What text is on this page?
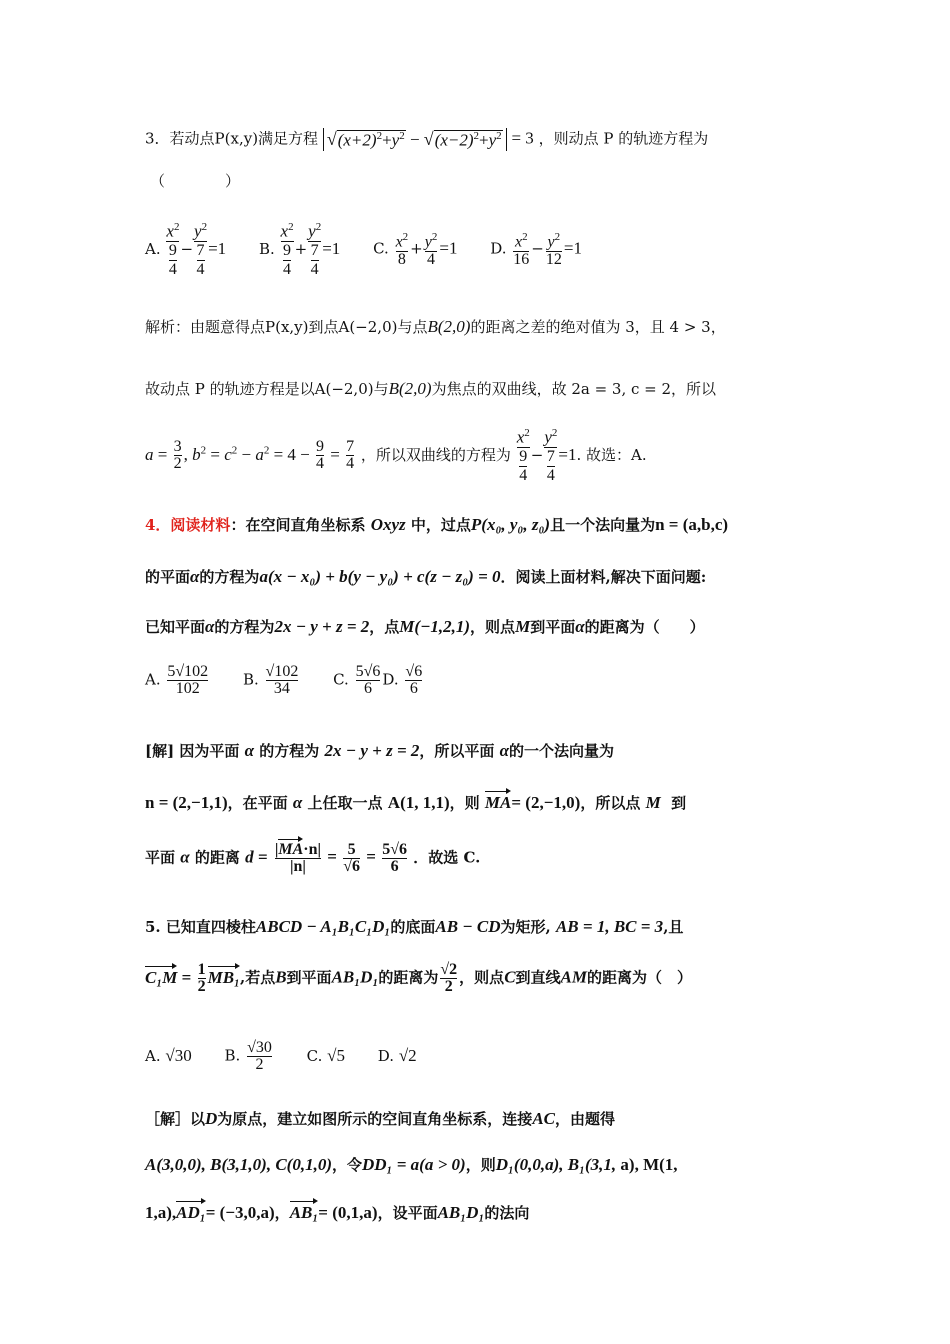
3．若动点P(x,y)满足方程 √ $(x+2)^2+y^2$ − √ $(x-2)^2+y^2 = 3$ ，则动点 P 的轨迹方程为
（　　　　）
A. $\frac{x^2}{\frac{9}{4}} - \frac{y^2}{\frac{7}{4}} =1$ B. $\frac{x^2}{\frac{9}{4}} + \frac{y^2}{\frac{7}{4}} =1$ C. $\frac{x^2}{8} + \frac{y^2}{4} =1$ D. $\frac{x^2}{16} - \frac{y^2}{12} =1$
解析：由题意得点P(x,y)到点A(−2,0)与点B(2,0)的距离之差的绝对值为 3，且 4 > 3，
故动点 P 的轨迹方程是以A(−2,0)与B(2,0)为焦点的双曲线，故 2a = 3, c = 2，所以
$a = \frac{3}{2}$ , $b^2 = c^2 - a^2 = 4 - \frac{9}{4} = \frac{7}{4}$ ，所以双曲线的方程为 $\frac{x^2}{\frac{9}{4}} - \frac{y^2}{\frac{7}{4}} =1$. 故选：A.
4．阅读材料：在空间直角坐标系 Oxyz 中，过点P(x₀, y₀, z₀)且一个法向量为n = (a,b,c)
的平面α的方程为a(x − x₀) + b(y − y₀) + c(z − z₀) = 0．阅读上面材料,解决下面问题:
已知平面α的方程为2x − y + z = 2，点M(−1,2,1)，则点M到平面α的距离为（　　）
A. $\frac{5√102}{102} B$. $\frac{√102}{34} C$. $\frac{5√6}{6} D$. $\frac{√6}{6}$
[解] 因为平面 α 的方程为 2x − y + z = 2，所以平面 α的一个法向量为
n = (2,−1,1)，在平面 α 上任取一点 A(1, 1,1)，则 MA= (2,−1,0)，所以点 M 到
平面 α 的距离 $d = \frac{|MA\cdot n|}{|n|} = \frac{5}{√6} = \frac{5√6}{6}$ ．故选 C.
5. 已知直四棱柱ABCD − A₁B₁C₁D₁的底面AB − CD为矩形, AB = 1, BC = 3,且
$C_1M = \frac{1}{2} MB_1$,若点B到平面AB₁D₁的距离为 $\frac{√2}{2}$ ，则点C到直线AM的距离为（　）
A. √30 B. $\frac{√30}{2} C$. √5 D. √2
［解］以D为原点，建立如图所示的空间直角坐标系，连接AC，由题得
A(3,0,0), B(3,1,0), C(0,1,0)，令DD₁ = a(a > 0)，则D₁(0,0,a), B₁(3,1, a), M(1,
1,a),AD₁= (−3,0,a)，AB₁= (0,1,a)，设平面AB₁D₁的法向
